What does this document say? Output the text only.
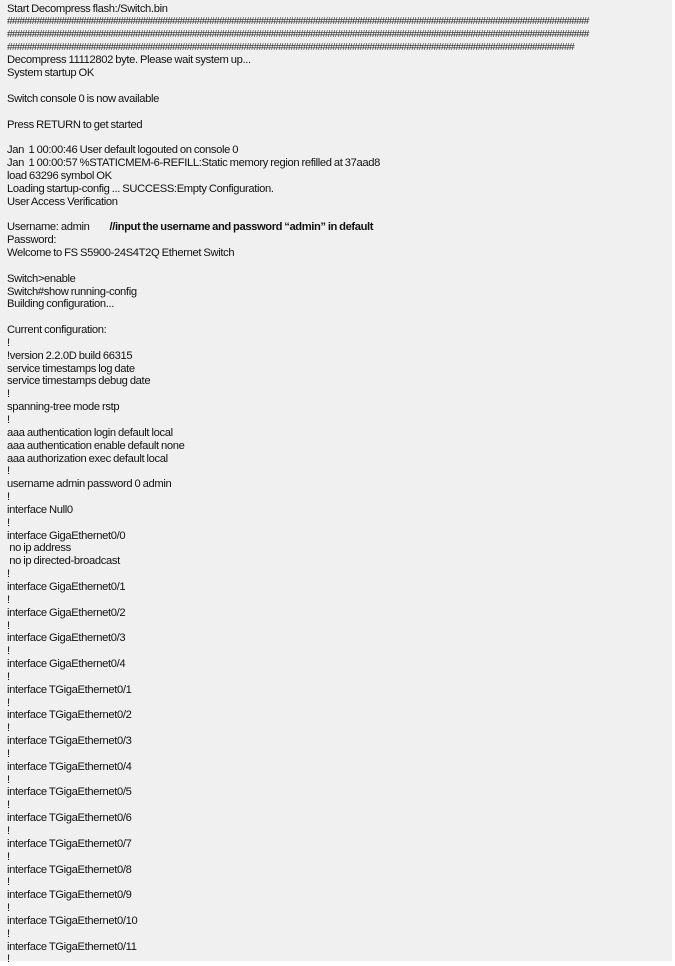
Start Decompress flash:/Switch.bin
######################################################################################################################
######################################################################################################################
###################################################################################################################
Decompress 11112802 byte. Please wait system up...
System startup OK
Switch console 0 is now available
Press RETURN to get started
Jan  1 00:00:46 User default logouted on console 0
Jan  1 00:00:57 %STATICMEM-6-REFILL:Static memory region refilled at 37aad8
load 63296 symbol OK
Loading startup-config ... SUCCESS:Empty Configuration.
User Access Verification
Username: admin //input the username and password “admin” in default
Password:
Welcome to FS S5900-24S4T2Q Ethernet Switch
Switch>enable
Switch#show running-config
Building configuration...
Current configuration:
!
!version 2.2.0D build 66315
service timestamps log date
service timestamps debug date
!
spanning-tree mode rstp
!
aaa authentication login default local
aaa authentication enable default none
aaa authorization exec default local
!
username admin password 0 admin
!
interface Null0
!
interface GigaEthernet0/0
no ip address
no ip directed-broadcast
!
interface GigaEthernet0/1
!
interface GigaEthernet0/2
!
interface GigaEthernet0/3
!
interface GigaEthernet0/4
!
interface TGigaEthernet0/1
!
interface TGigaEthernet0/2
!
interface TGigaEthernet0/3
!
interface TGigaEthernet0/4
!
interface TGigaEthernet0/5
!
interface TGigaEthernet0/6
!
interface TGigaEthernet0/7
!
interface TGigaEthernet0/8
!
interface TGigaEthernet0/9
!
interface TGigaEthernet0/10
!
interface TGigaEthernet0/11
!
